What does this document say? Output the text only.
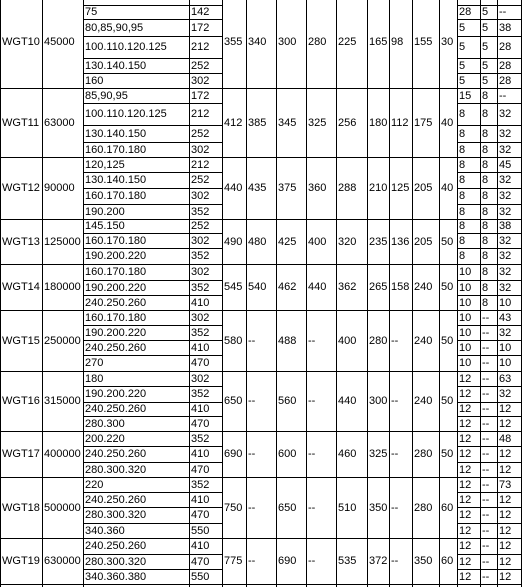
WGT10 45000	355 340	300	280	225	165 98 155 30
75	142	28 5 --
80,85,90,95	172	5	5 38
100.110.120.125	212	5	5 28
130.140.150	252	5	5 28
160	302	5	5 28
WGT11 63000	412 385	345	325	256	180 112 175 40
85,90,95	172	15 8 --
100.110.120.125	212	8	8 32
130.140.150	252	8	8 32
160.170.180	302	8	8 32
WGT12 90000	440 435	375	360	288	210 125 205 40
120,125	212	8	8 45
130.140.150	252	8	8 32
160.170.180	302	8	8 32
190.200	352	8	8 32
WGT13 125000	490 480	425	400	320	235 136 205 50
145.150	252	8	8 38
160.170.180	302	8	8 32
190.200.220	352	8	8 32
WGT14 180000	545 540	462	440	362	265 158 240 50
160.170.180	302	10 8 32
190.200.220	352	10 8 32
240.250.260	410	10 8 10
WGT15 250000	580 --	488	--	400	280 --	240 50
160.170.180	302	10 -- 43
190.200.220	352	10 -- 32
240.250.260	410	10 -- 10
270	470	10 -- 10
WGT16 315000	650 --	560	--	440	300 --	240 50
180	302	12 -- 63
190.200.220	352	12 -- 32
240.250.260	410	12 -- 12
280.300	470	12 -- 12
WGT17 400000	690 --	600	--	460	325 --	280 50
200.220	352	12 -- 48
240.250.260	410	12 -- 12
280.300.320	470	12 -- 12
WGT18 500000	750 --	650	--	510	350 --	280 60
220	352	12 -- 73
240.250.260	410	12 -- 12
280.300.320	470	12 -- 12
340.360	550	12 -- 12
WGT19 630000	775 --	690	--	535	372 --	350 60
240.250.260	410	12 -- 12
280.300.320	470	12 -- 12
340.360.380	550	12 -- 12
